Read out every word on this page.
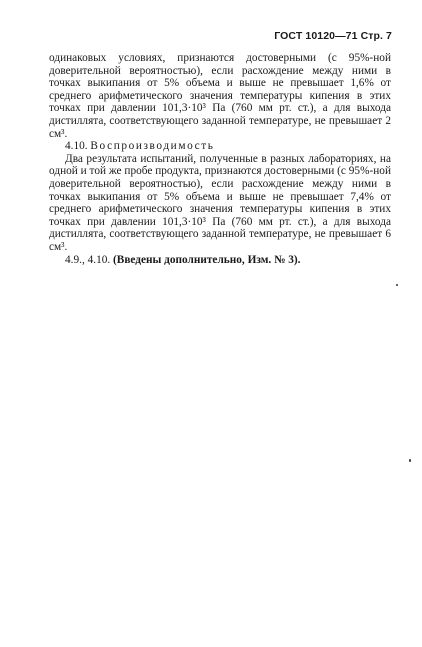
ГОСТ 10120—71 Стр. 7

одинаковых условиях, признаются достоверными (с 95%-ной доверительной вероятностью), если расхождение между ними в точках выкипания от 5% объема и выше не превышает 1,6% от среднего арифметического значения температуры кипения в этих точках при давлении 101,3·10³ Па (760 мм рт. ст.), а для выхода дистиллята, соответствующего заданной температуре, не превышает 2 см³.

4.10. Воспроизводимость

Два результата испытаний, полученные в разных лабораториях, на одной и той же пробе продукта, признаются достоверными (с 95%-ной доверительной вероятностью), если расхождение между ними в точках выкипания от 5% объема и выше не превышает 7,4% от среднего арифметического значения температуры кипения в этих точках при давлении 101,3·10³ Па (760 мм рт. ст.), а для выхода дистиллята, соответствующего заданной температуре, не превышает 6 см³.

4.9., 4.10. (Введены дополнительно, Изм. № 3).
